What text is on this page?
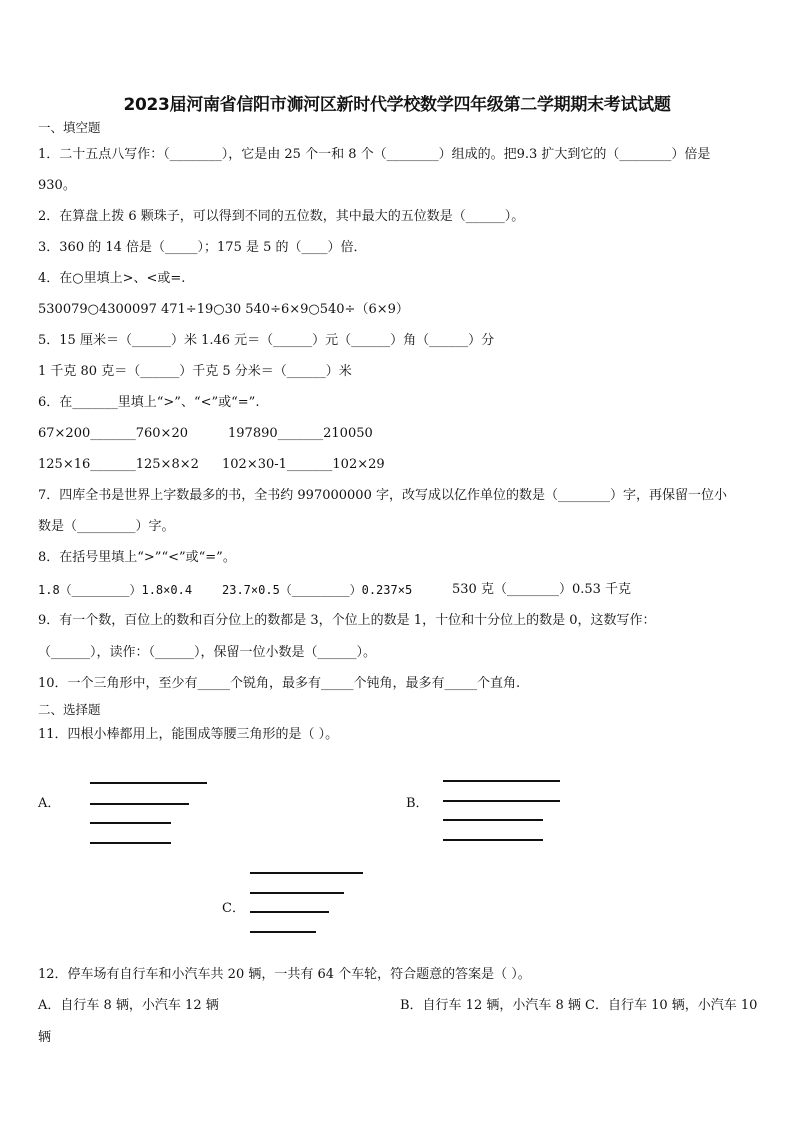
2023届河南省信阳市浉河区新时代学校数学四年级第二学期期末考试试题
一、填空题
1．二十五点八写作：（________），它是由 25 个一和 8 个（________）组成的。把9.3 扩大到它的（________）倍是
930。
2．在算盘上拨 6 颗珠子，可以得到不同的五位数，其中最大的五位数是（______）。
3．360 的 14 倍是（_____）；175 是 5 的（____）倍．
4．在○里填上>、<或=.
530079○4300097 471÷19○30 540÷6×9○540÷（6×9）
5．15 厘米＝（______）米 1.46 元＝（______）元（______）角（______）分
1 千克 80 克＝（______）千克 5 分米＝（______）米
6．在_______里填上“>”、“<”或“=”.
67×200_______760×20	197890_______210050
125×16_______125×8×2 102×30-1_______102×29
7．四库全书是世界上字数最多的书，全书约 997000000 字，改写成以亿作单位的数是（________）字，再保留一位小
数是（_________）字。
8．在括号里填上“>”“<”或“=”。
1.8（________）1.8×0.4 23.7×0.5（________）0.237×5	530 克（________）0.53 千克
9．有一个数，百位上的数和百分位上的数都是 3，个位上的数是 1，十位和十分位上的数是 0，这数写作：
（______），读作：（______），保留一位小数是（______）。
10．一个三角形中，至少有_____个锐角，最多有_____个钝角，最多有_____个直角.
二、选择题
11．四根小棒都用上，能围成等腰三角形的是（ ）。
A．	B．
C．
12．停车场有自行车和小汽车共 20 辆，一共有 64 个车轮，符合题意的答案是（ ）。
A．自行车 8 辆，小汽车 12 辆	B．自行车 12 辆，小汽车 8 辆 C．自行车 10 辆，小汽车 10
辆
